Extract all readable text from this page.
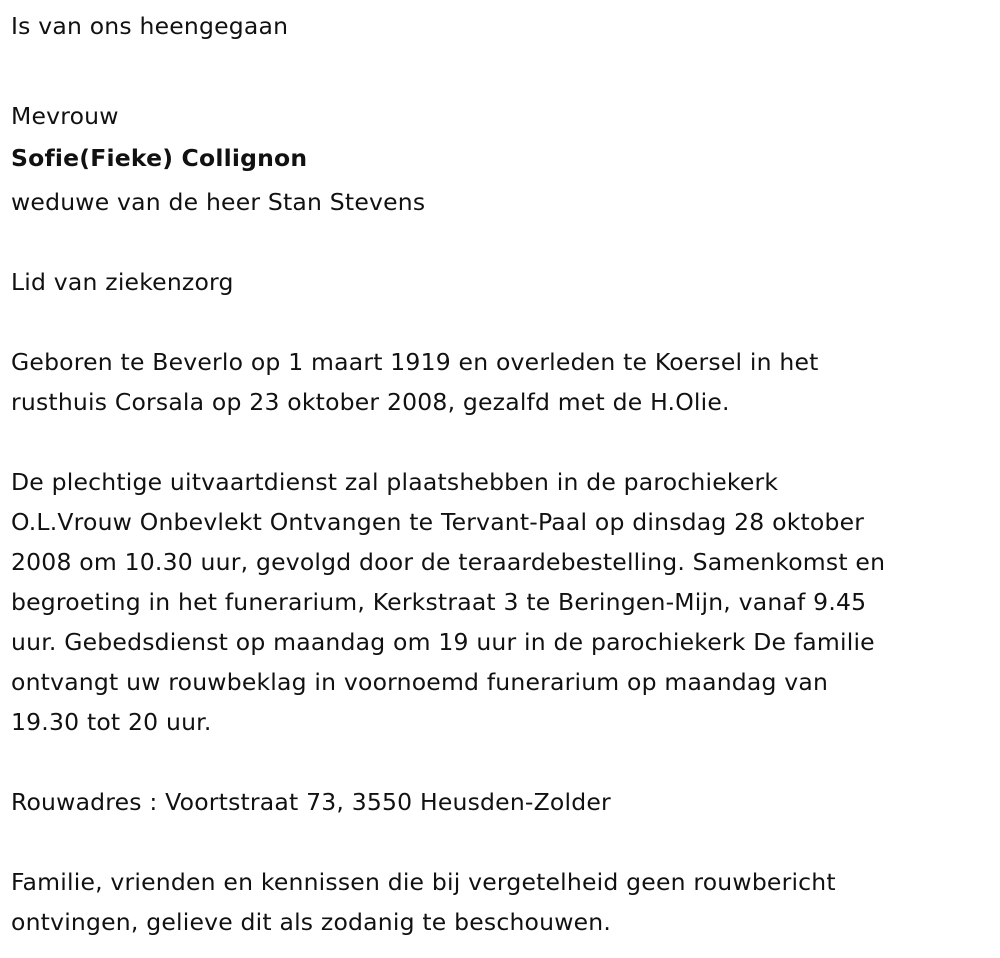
Is van ons heengegaan
Mevrouw
Sofie(Fieke) Collignon
weduwe van de heer Stan Stevens
Lid van ziekenzorg
Geboren te Beverlo op 1 maart 1919 en overleden te Koersel in het
rusthuis Corsala op 23 oktober 2008, gezalfd met de H.Olie.
De plechtige uitvaartdienst zal plaatshebben in de parochiekerk
O.L.Vrouw Onbevlekt Ontvangen te Tervant-Paal op dinsdag 28 oktober
2008 om 10.30 uur, gevolgd door de teraardebestelling. Samenkomst en
begroeting in het funerarium, Kerkstraat 3 te Beringen-Mijn, vanaf 9.45
uur. Gebedsdienst op maandag om 19 uur in de parochiekerk De familie
ontvangt uw rouwbeklag in voornoemd funerarium op maandag van
19.30 tot 20 uur.
Rouwadres : Voortstraat 73, 3550 Heusden-Zolder
Familie, vrienden en kennissen die bij vergetelheid geen rouwbericht
ontvingen, gelieve dit als zodanig te beschouwen.
